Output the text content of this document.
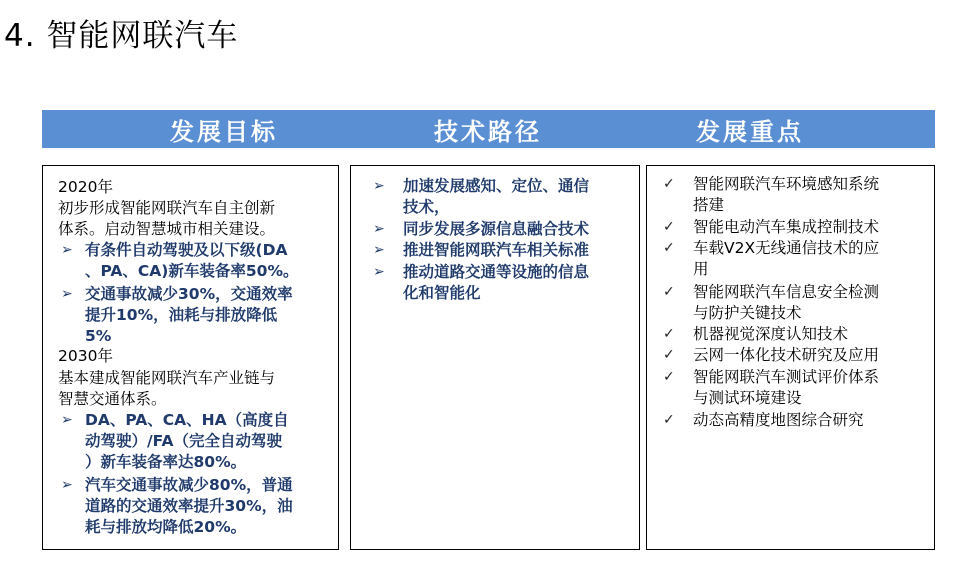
4. 智能网联汽车
发展目标	技术路径	发展重点
2020年
初步形成智能网联汽车自主创新
体系。启动智慧城市相关建设。
➢ 有条件自动驾驶及以下级(DA
、PA、CA)新车装备率50%。
➢ 交通事故减少30%，交通效率
提升10%，油耗与排放降低
5%
2030年
基本建成智能网联汽车产业链与
智慧交通体系。
➢ DA、PA、CA、HA（高度自
动驾驶）/FA（完全自动驾驶
）新车装备率达80%。
➢ 汽车交通事故减少80%，普通
道路的交通效率提升30%，油
耗与排放均降低20%。
➢ 加速发展感知、定位、通信
技术，
➢ 同步发展多源信息融合技术
➢ 推进智能网联汽车相关标准
➢ 推动道路交通等设施的信息
化和智能化
✓ 智能网联汽车环境感知系统
搭建
✓ 智能电动汽车集成控制技术
✓ 车载V2X无线通信技术的应
用
✓ 智能网联汽车信息安全检测
与防护关键技术
✓ 机器视觉深度认知技术
✓ 云网一体化技术研究及应用
✓ 智能网联汽车测试评价体系
与测试环境建设
✓ 动态高精度地图综合研究
